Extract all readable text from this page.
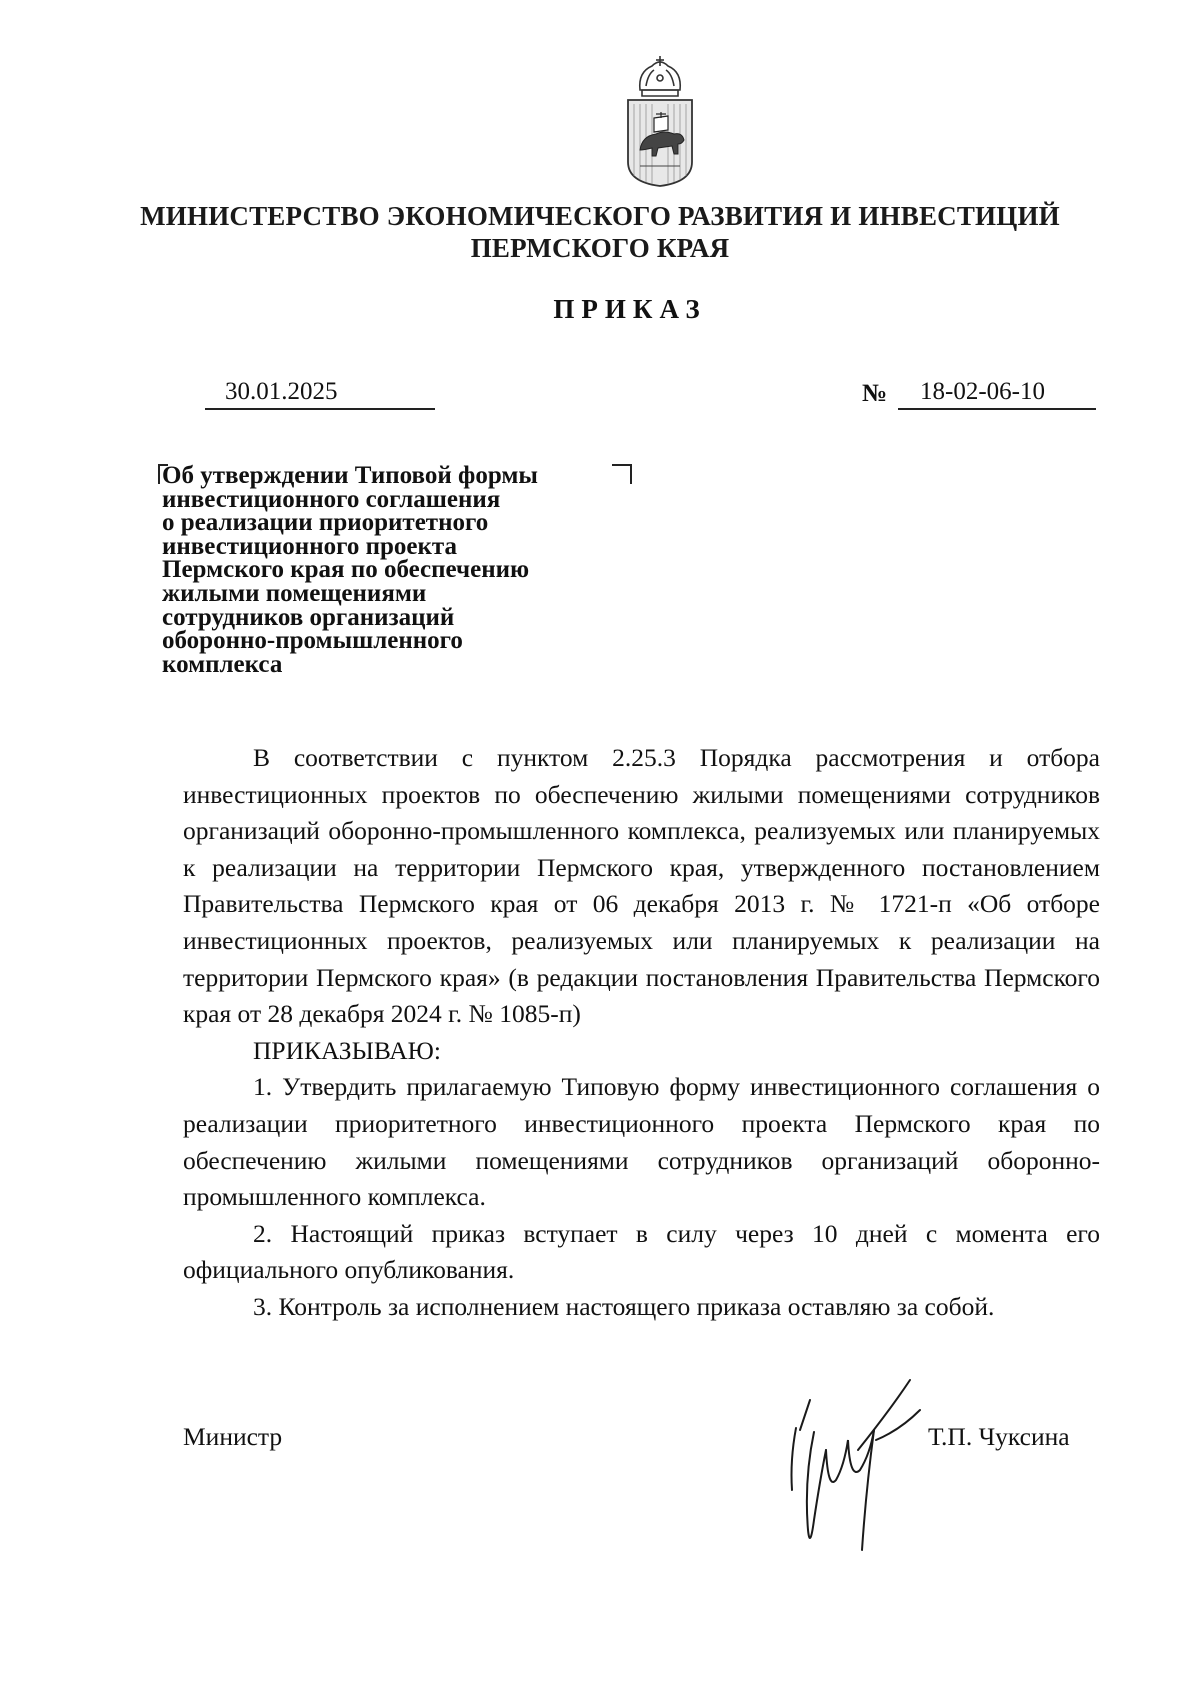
МИНИСТЕРСТВО ЭКОНОМИЧЕСКОГО РАЗВИТИЯ И ИНВЕСТИЦИЙ
ПЕРМСКОГО КРАЯ
ПРИКАЗ
30.01.2025	№ 18-02-06-10
Об утверждении Типовой формы
инвестиционного соглашения
о реализации приоритетного
инвестиционного проекта
Пермского края по обеспечению
жилыми помещениями
сотрудников организаций
оборонно-промышленного
комплекса

В соответствии с пунктом 2.25.3 Порядка рассмотрения и отбора инвестиционных проектов по обеспечению жилыми помещениями сотрудников организаций оборонно-промышленного комплекса, реализуемых или планируемых к реализации на территории Пермского края, утвержденного постановлением Правительства Пермского края от 06 декабря 2013 г. № 1721-п «Об отборе инвестиционных проектов, реализуемых или планируемых к реализации на территории Пермского края» (в редакции постановления Правительства Пермского края от 28 декабря 2024 г. № 1085-п)

ПРИКАЗЫВАЮ:

1. Утвердить прилагаемую Типовую форму инвестиционного соглашения о реализации приоритетного инвестиционного проекта Пермского края по обеспечению жилыми помещениями сотрудников организаций оборонно-промышленного комплекса.

2. Настоящий приказ вступает в силу через 10 дней с момента его официального опубликования.

3. Контроль за исполнением настоящего приказа оставляю за собой.

Министр	Т.П. Чуксина
